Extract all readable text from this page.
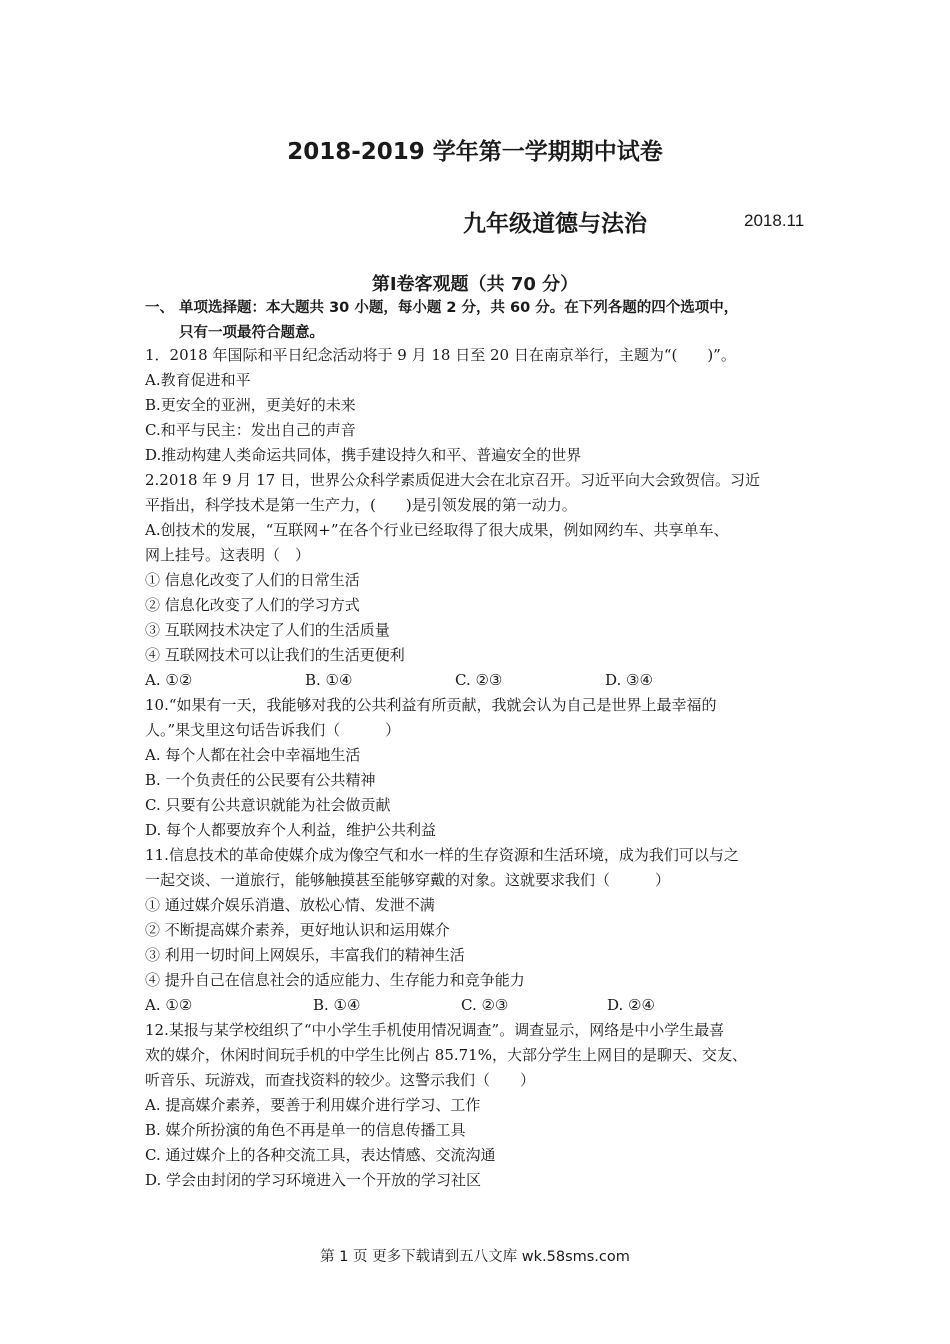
2018-2019 学年第一学期期中试卷
九年级道德与法治	2018.11
第Ⅰ卷客观题（共 70 分）
一、 单项选择题：本大题共 30 小题，每小题 2 分，共 60 分。在下列各题的四个选项中，
只有一项最符合题意。
1．2018 年国际和平日纪念活动将于 9 月 18 日至 20 日在南京举行，主题为“(　　)”。
A.教育促进和平
B.更安全的亚洲，更美好的未来
C.和平与民主：发出自己的声音
D.推动构建人类命运共同体，携手建设持久和平、普遍安全的世界
2.2018 年 9 月 17 日，世界公众科学素质促进大会在北京召开。习近平向大会致贺信。习近
平指出，科学技术是第一生产力，(　　)是引领发展的第一动力。
A.创技术的发展，“互联网+”在各个行业已经取得了很大成果，例如网约车、共享单车、
网上挂号。这表明（　）
① 信息化改变了人们的日常生活
② 信息化改变了人们的学习方式
③ 互联网技术决定了人们的生活质量
④ 互联网技术可以让我们的生活更便利
A. ①②	B. ①④	C. ②③	D. ③④
10.“如果有一天，我能够对我的公共利益有所贡献，我就会认为自己是世界上最幸福的
人。”果戈里这句话告诉我们（　　　）
A. 每个人都在社会中幸福地生活
B. 一个负责任的公民要有公共精神
C. 只要有公共意识就能为社会做贡献
D. 每个人都要放弃个人利益，维护公共利益
11.信息技术的革命使媒介成为像空气和水一样的生存资源和生活环境，成为我们可以与之
一起交谈、一道旅行，能够触摸甚至能够穿戴的对象。这就要求我们（　　　）
① 通过媒介娱乐消遣、放松心情、发泄不满
② 不断提高媒介素养，更好地认识和运用媒介
③ 利用一切时间上网娱乐，丰富我们的精神生活
④ 提升自己在信息社会的适应能力、生存能力和竞争能力
A. ①②	B. ①④	C. ②③	D. ②④
12.某报与某学校组织了“中小学生手机使用情况调查”。调查显示，网络是中小学生最喜
欢的媒介，休闲时间玩手机的中学生比例占 85.71%，大部分学生上网目的是聊天、交友、
听音乐、玩游戏，而查找资料的较少。这警示我们（　　）
A. 提高媒介素养，要善于利用媒介进行学习、工作
B. 媒介所扮演的角色不再是单一的信息传播工具
C. 通过媒介上的各种交流工具，表达情感、交流沟通
D. 学会由封闭的学习环境进入一个开放的学习社区
第 1 页 更多下载请到五八文库 wk.58sms.com
